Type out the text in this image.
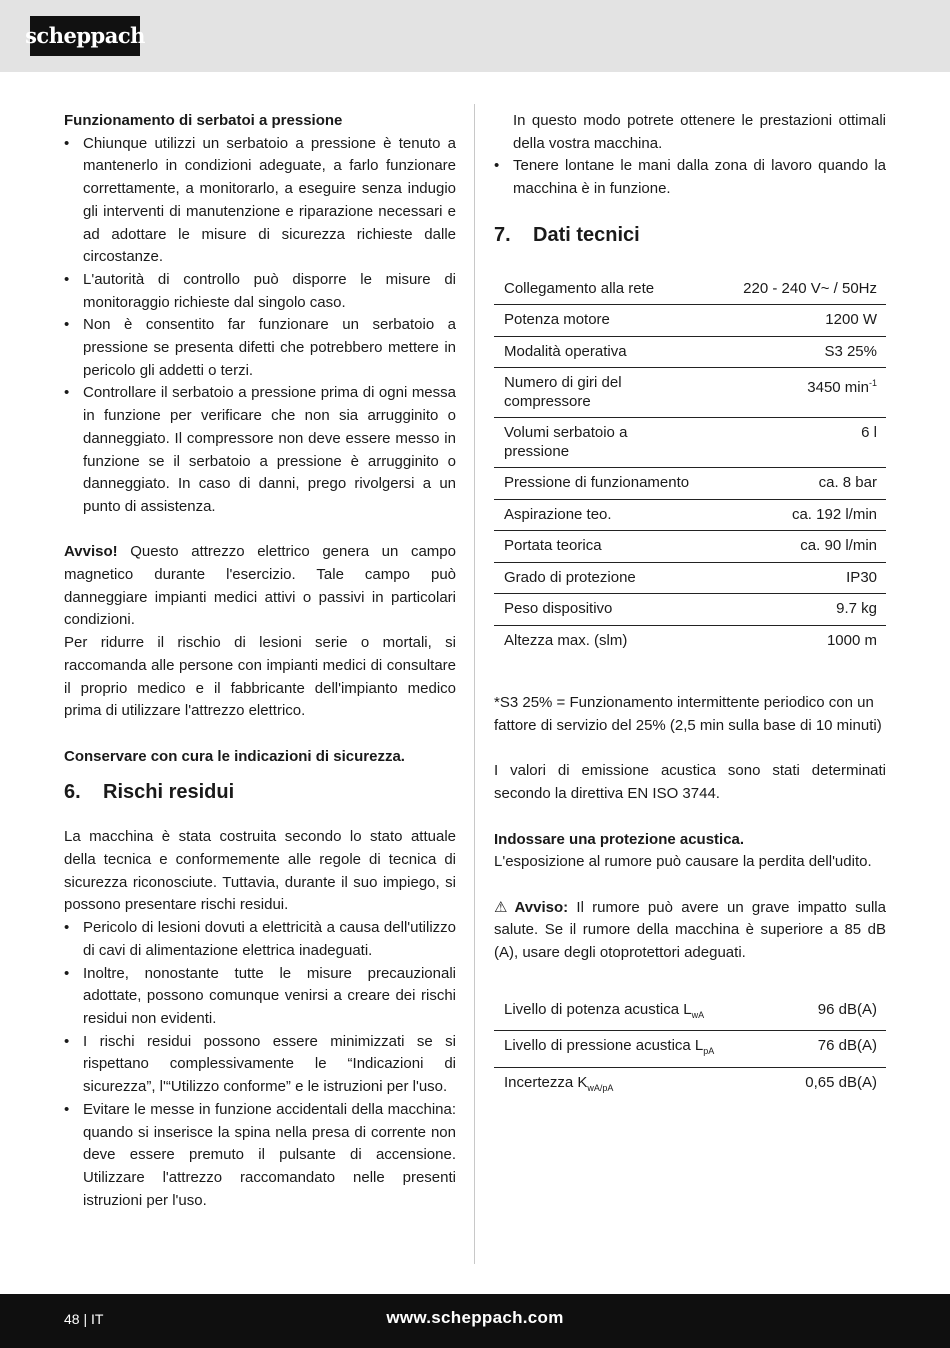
scheppach

Funzionamento di serbatoi a pressione

• Chiunque utilizzi un serbatoio a pressione è tenuto a mantenerlo in condizioni adeguate, a farlo funzionare correttamente, a monitorarlo, a eseguire senza indugio gli interventi di manutenzione e riparazione necessari e ad adottare le misure di sicurezza richieste dalle circostanze.
• L'autorità di controllo può disporre le misure di monitoraggio richieste dal singolo caso.
• Non è consentito far funzionare un serbatoio a pressione se presenta difetti che potrebbero mettere in pericolo gli addetti o terzi.
• Controllare il serbatoio a pressione prima di ogni messa in funzione per verificare che non sia arrugginito o danneggiato. Il compressore non deve essere messo in funzione se il serbatoio a pressione è arrugginito o danneggiato. In caso di danni, prego rivolgersi a un punto di assistenza.

Avviso! Questo attrezzo elettrico genera un campo magnetico durante l'esercizio. Tale campo può danneggiare impianti medici attivi o passivi in particolari condizioni.

Per ridurre il rischio di lesioni serie o mortali, si raccomanda alle persone con impianti medici di consultare il proprio medico e il fabbricante dell'impianto medico prima di utilizzare l'attrezzo elettrico.

Conservare con cura le indicazioni di sicurezza.

6. Rischi residui

La macchina è stata costruita secondo lo stato attuale della tecnica e conformemente alle regole di tecnica di sicurezza riconosciute. Tuttavia, durante il suo impiego, si possono presentare rischi residui.

• Pericolo di lesioni dovuti a elettricità a causa dell'utilizzo di cavi di alimentazione elettrica inadeguati.
• Inoltre, nonostante tutte le misure precauzionali adottate, possono comunque venirsi a creare dei rischi residui non evidenti.
• I rischi residui possono essere minimizzati se si rispettano complessivamente le “Indicazioni di sicurezza”, l'“Utilizzo conforme” e le istruzioni per l'uso.
• Evitare le messe in funzione accidentali della macchina: quando si inserisce la spina nella presa di corrente non deve essere premuto il pulsante di accensione. Utilizzare l'attrezzo raccomandato nelle presenti istruzioni per l'uso.

In questo modo potrete ottenere le prestazioni ottimali della vostra macchina.

• Tenere lontane le mani dalla zona di lavoro quando la macchina è in funzione.
7. Dati tecnici
Collegamento alla rete	220 - 240 V~ / 50Hz
Potenza motore	1200 W
Modalità operativa	S3 25%
Numero di giri del compressore	3450 $\min^{-1}$
Volumi serbatoio a pressione	6 l
Pressione di funzionamento	ca. 8 bar
Aspirazione teo.	ca. 192 l/min
Portata teorica	ca. 90 l/min
Grado di protezione	IP30
Peso dispositivo	9.7 kg
Altezza max. (slm)	1000 m

*S3 25% = Funzionamento intermittente periodico con un fattore di servizio del 25% (2,5 min sulla base di 10 minuti)

I valori di emissione acustica sono stati determinati secondo la direttiva EN ISO 3744.

Indossare una protezione acustica.

L'esposizione al rumore può causare la perdita dell'udito.

⚠ Avviso: Il rumore può avere un grave impatto sulla salute. Se il rumore della macchina è superiore a 85 dB (A), usare degli otoprotettori adeguati.

Livello di potenza acustica $L_{wA}$	96 dB(A)
Livello di pressione acustica $L_{pA}$	76 dB(A)
Incertezza $K_{wA/pA}$	0,65 dB(A)
48 | IT	www.scheppach.com
